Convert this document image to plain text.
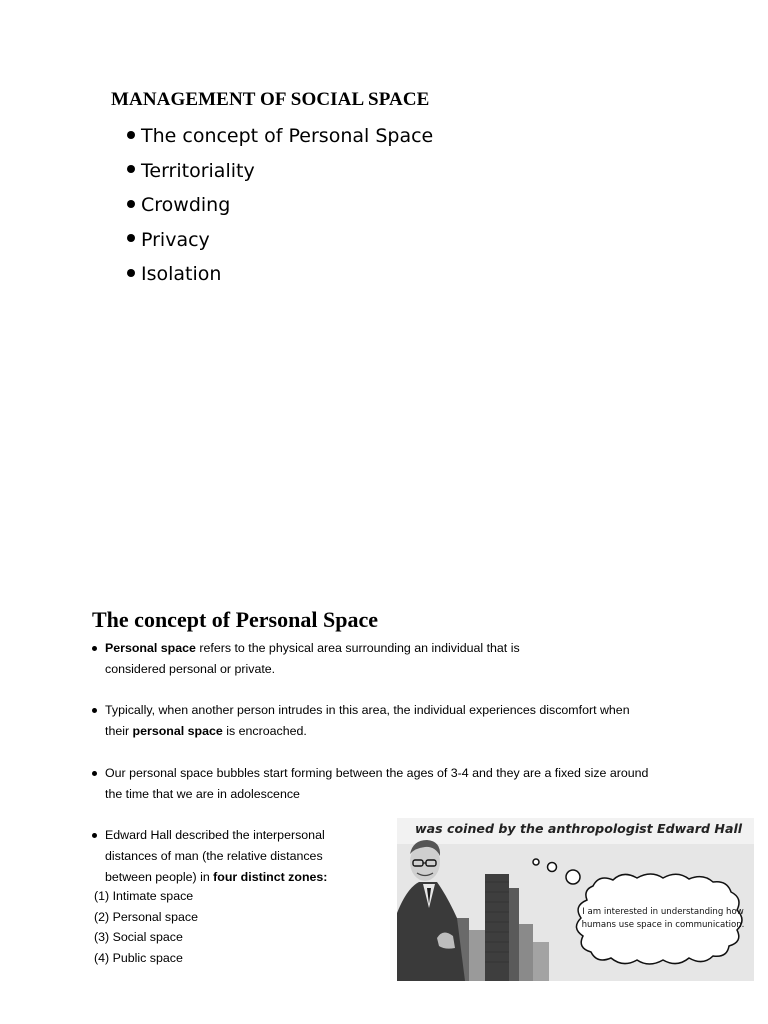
MANAGEMENT OF SOCIAL SPACE
The concept of Personal Space
Territoriality
Crowding
Privacy
Isolation
The concept of Personal Space
Personal space refers to the physical area surrounding an individual that is considered personal or private.
Typically, when another person intrudes in this area, the individual experiences discomfort when their personal space is encroached.
Our personal space bubbles start forming between the ages of 3-4 and they are a fixed size around the time that we are in adolescence
Edward Hall described the interpersonal distances of man (the relative distances between people) in four distinct zones:
(1) Intimate space
(2) Personal space
(3) Social space
(4) Public space
was coined by the anthropologist Edward Hall
I am interested in understanding how humans use space in communication.
